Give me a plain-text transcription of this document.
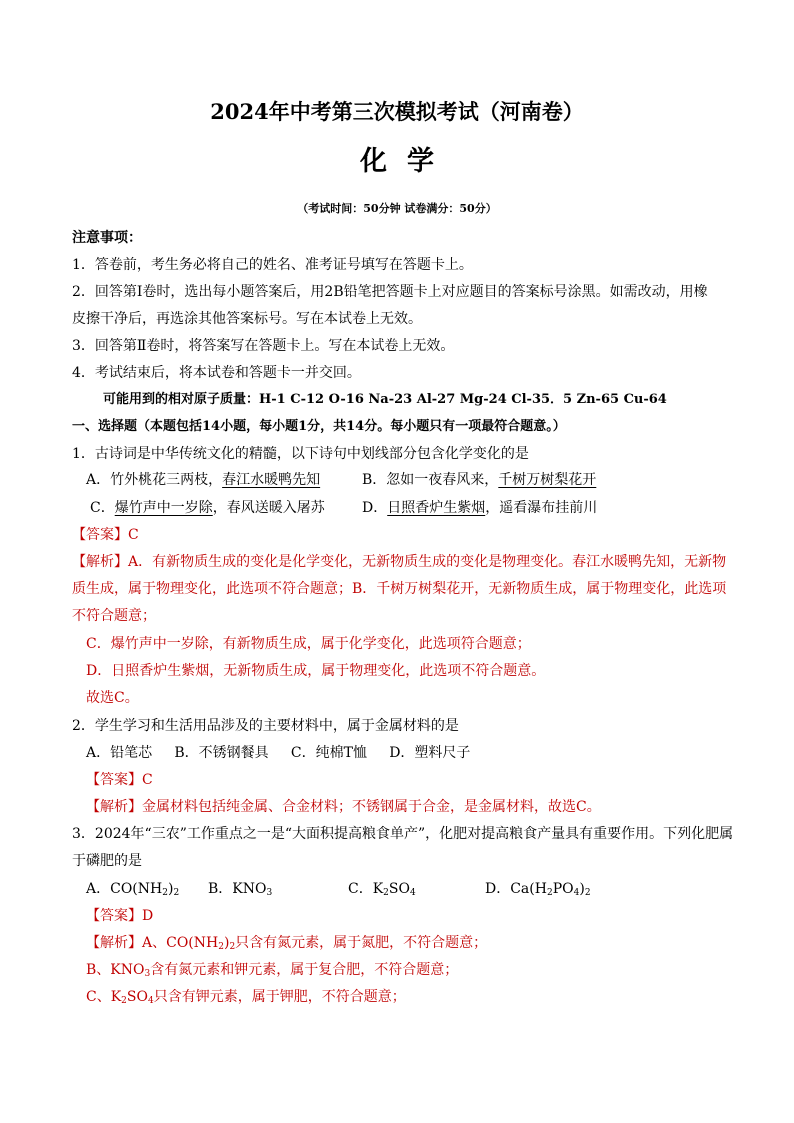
2024年中考第三次模拟考试（河南卷）
化学
（考试时间：50分钟 试卷满分：50分）
注意事项：
1．答卷前，考生务必将自己的姓名、准考证号填写在答题卡上。
2．回答第Ⅰ卷时，选出每小题答案后，用2B铅笔把答题卡上对应题目的答案标号涂黑。如需改动，用橡
皮擦干净后，再选涂其他答案标号。写在本试卷上无效。
3．回答第Ⅱ卷时，将答案写在答题卡上。写在本试卷上无效。
4．考试结束后，将本试卷和答题卡一并交回。
可能用到的相对原子质量：H-1 C-12 O-16 Na-23 Al-27 Mg-24 Cl-35．5 Zn-65 Cu-64
一、选择题（本题包括14小题，每小题1分，共14分。每小题只有一项最符合题意。）
1．古诗词是中华传统文化的精髓，以下诗句中划线部分包含化学变化的是
A．竹外桃花三两枝，春江水暖鸭先知	B．忽如一夜春风来，千树万树梨花开
C．爆竹声中一岁除，春风送暖入屠苏	D．日照香炉生紫烟，遥看瀑布挂前川
【答案】C
【解析】A．有新物质生成的变化是化学变化，无新物质生成的变化是物理变化。春江水暖鸭先知，无新物
质生成，属于物理变化，此选项不符合题意；B．千树万树梨花开，无新物质生成，属于物理变化，此选项
不符合题意；
C．爆竹声中一岁除，有新物质生成，属于化学变化，此选项符合题意；
D．日照香炉生紫烟，无新物质生成，属于物理变化，此选项不符合题意。
故选C。
2．学生学习和生活用品涉及的主要材料中，属于金属材料的是
A．铅笔芯     B．不锈钢餐具     C．纯棉T恤     D．塑料尺子
【答案】C
【解析】金属材料包括纯金属、合金材料；不锈钢属于合金，是金属材料，故选C。
3．2024年“三农”工作重点之一是“大面积提高粮食单产”，化肥对提高粮食产量具有重要作用。下列化肥属
于磷肥的是
A．$CO(NH_2)_2$ B．$KNO_3$	C．$K_2SO_4$	D．$Ca(H_2PO_4)_2$
【答案】D
【解析】A、$CO(NH_2)_2$只含有氮元素，属于氮肥，不符合题意；
B、$KNO_3$含有氮元素和钾元素，属于复合肥，不符合题意；
C、$K_2SO_4$只含有钾元素，属于钾肥，不符合题意；
